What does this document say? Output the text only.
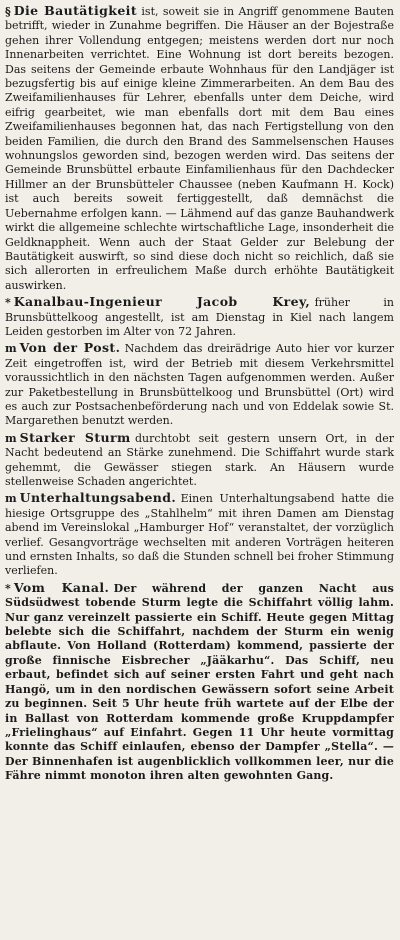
§ Die Bautätigkeit ist, soweit sie in Angriff genommene Bauten betrifft, wieder in Zunahme begriffen. Die Häuser an der Bojestraße gehen ihrer Vollendung entgegen; meistens werden dort nur noch Innenarbeiten verrichtet. Eine Wohnung ist dort bereits bezogen. Das seitens der Gemeinde erbaute Wohnhaus für den Landjäger ist bezugsfertig bis auf einige kleine Zimmerarbeiten. An dem Bau des Zweifamilienhauses für Lehrer, ebenfalls unter dem Deiche, wird eifrig gearbeitet, wie man ebenfalls dort mit dem Bau eines Zweifamilienhauses begonnen hat, das nach Fertigstellung von den beiden Familien, die durch den Brand des Sammelsenschen Hauses wohnungslos geworden sind, bezogen werden wird. Das seitens der Gemeinde Brunsbüttel erbaute Einfamilienhaus für den Dachdecker Hillmer an der Brunsbütteler Chaussee (neben Kaufmann H. Kock) ist auch bereits soweit fertiggestellt, daß demnächst die Uebernahme erfolgen kann. — Lähmend auf das ganze Bauhandwerk wirkt die allgemeine schlechte wirtschaftliche Lage, insonderheit die Geldknappheit. Wenn auch der Staat Gelder zur Belebung der Bautätigkeit auswirft, so sind diese doch nicht so reichlich, daß sie sich allerorten in erfreulichem Maße durch erhöhte Bautätigkeit auswirken.

* Kanalbau-Ingenieur Jacob Krey, früher in Brunsbüttelkoog angestellt, ist am Dienstag in Kiel nach langem Leiden gestorben im Alter von 72 Jahren.

m Von der Post. Nachdem das dreirädrige Auto hier vor kurzer Zeit eingetroffen ist, wird der Betrieb mit diesem Verkehrsmittel voraussichtlich in den nächsten Tagen aufgenommen werden. Außer zur Paketbestellung in Brunsbüttelkoog und Brunsbüttel (Ort) wird es auch zur Postsachenbeförderung nach und von Eddelak sowie St. Margarethen benutzt werden.

m Starker Sturm durchtobt seit gestern unsern Ort, in der Nacht bedeutend an Stärke zunehmend. Die Schiffahrt wurde stark gehemmt, die Gewässer stiegen stark. An Häusern wurde stellenweise Schaden angerichtet.

m Unterhaltungsabend. Einen Unterhaltungsabend hatte die hiesige Ortsgruppe des „Stahlhelm“ mit ihren Damen am Dienstag abend im Vereinslokal „Hamburger Hof“ veranstaltet, der vorzüglich verlief. Gesangvorträge wechselten mit anderen Vorträgen heiteren und ernsten Inhalts, so daß die Stunden schnell bei froher Stimmung verliefen.

* Vom Kanal. Der während der ganzen Nacht aus Südsüdwest tobende Sturm legte die Schiffahrt völlig lahm. Nur ganz vereinzelt passierte ein Schiff. Heute gegen Mittag belebte sich die Schiffahrt, nachdem der Sturm ein wenig abflaute. Von Holland (Rotterdam) kommend, passierte der große finnische Eisbrecher „Jääkarhu“. Das Schiff, neu erbaut, befindet sich auf seiner ersten Fahrt und geht nach Hangö, um in den nordischen Gewässern sofort seine Arbeit zu beginnen. Seit 5 Uhr heute früh wartete auf der Elbe der in Ballast von Rotterdam kommende große Kruppdampfer „Frielinghaus“ auf Einfahrt. Gegen 11 Uhr heute vormittag konnte das Schiff einlaufen, ebenso der Dampfer „Stella“. — Der Binnenhafen ist augenblicklich vollkommen leer, nur die Fähre nimmt monoton ihren alten gewohnten Gang.
